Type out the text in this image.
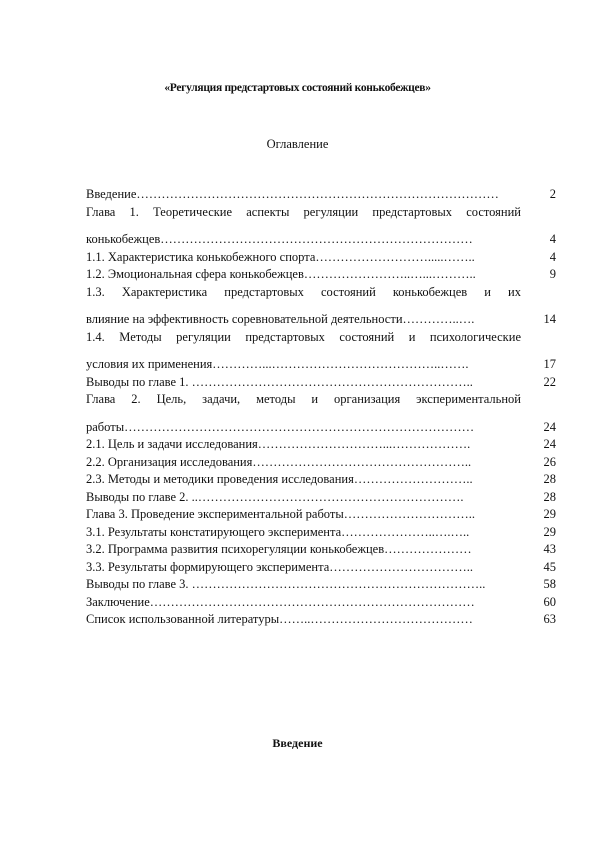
«Регуляция предстартовых состояний конькобежцев»
Оглавление
Введение……………………………………………………………………………	2
Глава 1. Теоретические аспекты регуляции предстартовых состояний
конькобежцев…………………………………………………………………	4
1.1. Характеристика конькобежного спорта……………………….....……..	4
1.2. Эмоциональная сфера конькобежцев……………………..…...………..	9
1.3. Характеристика предстартовых состояний конькобежцев и их
влияние на эффективность соревновательной деятельности…………..….	14
1.4. Методы регуляции предстартовых состояний и психологические
условия их применения…………...…………………………………..…….	17
Выводы по главе 1. …………………………………………………………..	22
Глава 2. Цель, задачи, методы и организация экспериментальной
работы…………………………………………………………………………	24
2.1. Цель и задачи исследования…………………………...……………….	24
2.2. Организация исследования……………………………………………..	26
2.3. Методы и методики проведения исследования………………………..	28
Выводы по главе 2. ..……………………………………………………….	28
Глава 3. Проведение экспериментальной работы…………………………..	29
3.1. Результаты констатирующего эксперимента…………………..….…..	29
3.2. Программа развития психорегуляции конькобежцев…………………	43
3.3. Результаты формирующего эксперимента……………………………..	45
Выводы по главе 3. ……………………………………………………………..	58
Заключение……………………………………………………………………	60
Список использованной литературы……..…………………………………	63
Введение
